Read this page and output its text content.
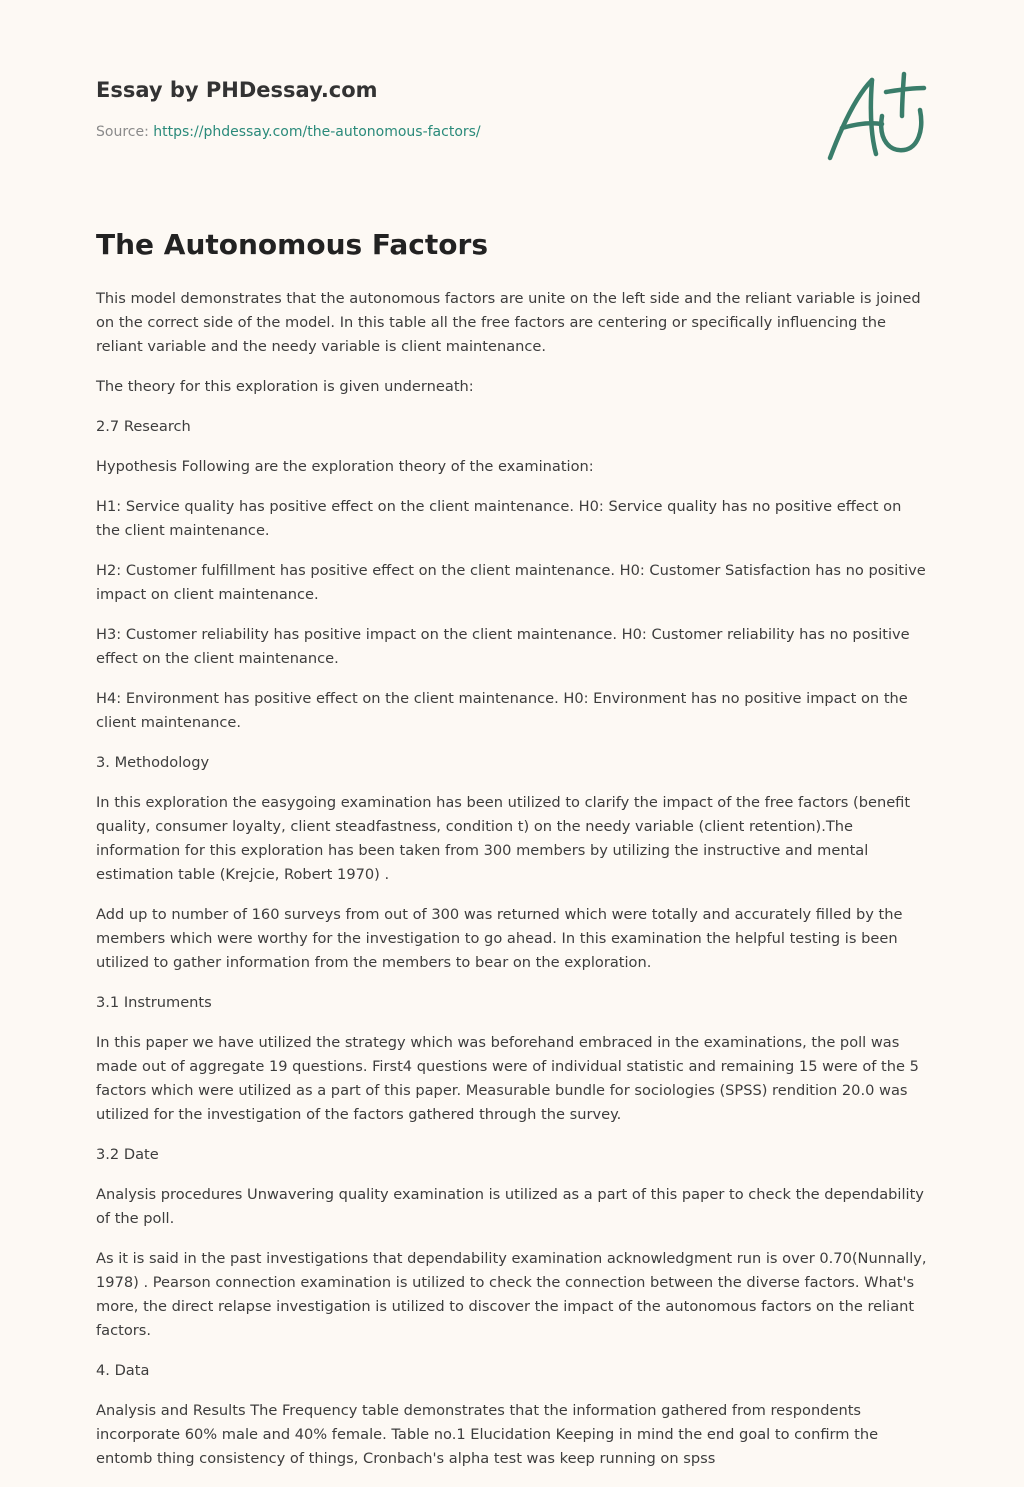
Essay by PHDessay.com
Source: https://phdessay.com/the-autonomous-factors/
The Autonomous Factors

This model demonstrates that the autonomous factors are unite on the left side and the reliant variable is joined on the correct side of the model. In this table all the free factors are centering or specifically influencing the reliant variable and the needy variable is client maintenance.

The theory for this exploration is given underneath:

2.7 Research

Hypothesis Following are the exploration theory of the examination:

H1: Service quality has positive effect on the client maintenance. H0: Service quality has no positive effect on the client maintenance.

H2: Customer fulfillment has positive effect on the client maintenance. H0: Customer Satisfaction has no positive impact on client maintenance.

H3: Customer reliability has positive impact on the client maintenance. H0: Customer reliability has no positive effect on the client maintenance.

H4: Environment has positive effect on the client maintenance. H0: Environment has no positive impact on the client maintenance.

3. Methodology

In this exploration the easygoing examination has been utilized to clarify the impact of the free factors (benefit quality, consumer loyalty, client steadfastness, condition t) on the needy variable (client retention).The information for this exploration has been taken from 300 members by utilizing the instructive and mental estimation table (Krejcie, Robert 1970) .

Add up to number of 160 surveys from out of 300 was returned which were totally and accurately filled by the members which were worthy for the investigation to go ahead. In this examination the helpful testing is been utilized to gather information from the members to bear on the exploration.

3.1 Instruments

In this paper we have utilized the strategy which was beforehand embraced in the examinations, the poll was made out of aggregate 19 questions. First4 questions were of individual statistic and remaining 15 were of the 5 factors which were utilized as a part of this paper. Measurable bundle for sociologies (SPSS) rendition 20.0 was utilized for the investigation of the factors gathered through the survey.

3.2 Date

Analysis procedures Unwavering quality examination is utilized as a part of this paper to check the dependability of the poll.

As it is said in the past investigations that dependability examination acknowledgment run is over 0.70(Nunnally, 1978) . Pearson connection examination is utilized to check the connection between the diverse factors. What's more, the direct relapse investigation is utilized to discover the impact of the autonomous factors on the reliant factors.

4. Data

Analysis and Results The Frequency table demonstrates that the information gathered from respondents incorporate 60% male and 40% female. Table no.1 Elucidation Keeping in mind the end goal to confirm the entomb thing consistency of things, Cronbach's alpha test was keep running on spss
